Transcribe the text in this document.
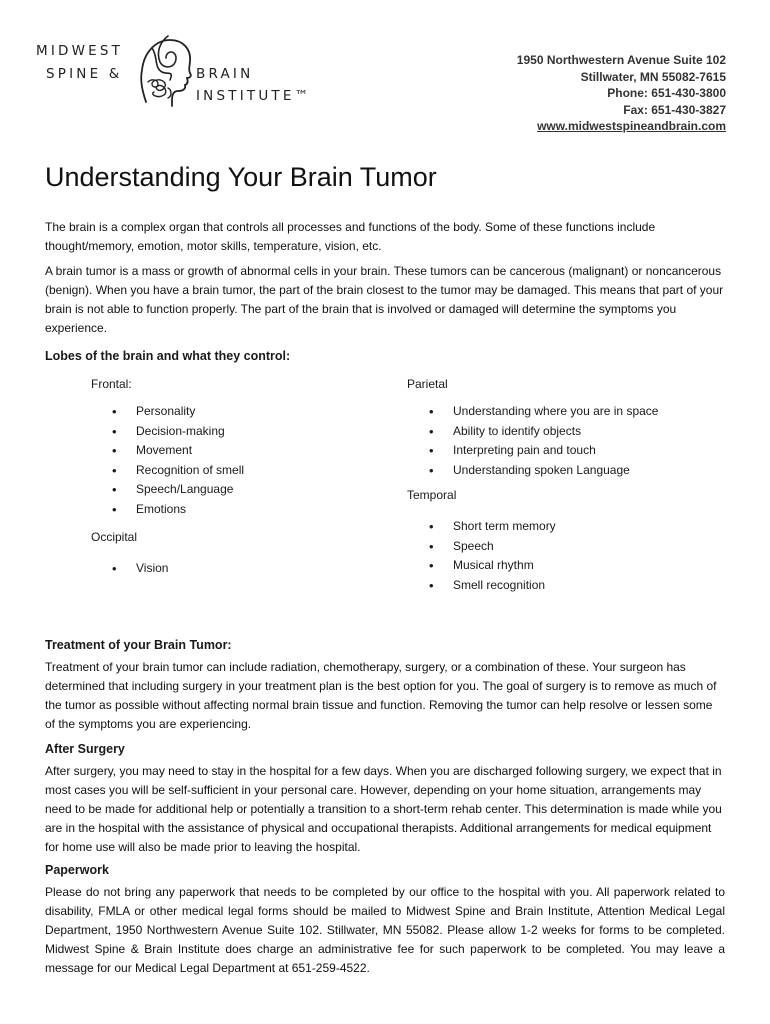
MIDWEST
SPINE &	BRAIN
INSTITUTE™
1950 Northwestern Avenue Suite 102
Stillwater, MN 55082-7615
Phone: 651-430-3800
Fax: 651-430-3827
www.midwestspineandbrain.com
Understanding Your Brain Tumor

The brain is a complex organ that controls all processes and functions of the body. Some of these functions include thought/memory, emotion, motor skills, temperature, vision, etc.

A brain tumor is a mass or growth of abnormal cells in your brain. These tumors can be cancerous (malignant) or noncancerous (benign). When you have a brain tumor, the part of the brain closest to the tumor may be damaged. This means that part of your brain is not able to function properly. The part of the brain that is involved or damaged will determine the symptoms you experience.

Lobes of the brain and what they control:
Frontal:
• Personality
• Decision-making
• Movement
• Recognition of smell
• Speech/Language
• Emotions
Occipital
• Vision
Parietal
• Understanding where you are in space
• Ability to identify objects
• Interpreting pain and touch
• Understanding spoken Language
Temporal
• Short term memory
• Speech
• Musical rhythm
• Smell recognition
Treatment of your Brain Tumor:

Treatment of your brain tumor can include radiation, chemotherapy, surgery, or a combination of these. Your surgeon has determined that including surgery in your treatment plan is the best option for you. The goal of surgery is to remove as much of the tumor as possible without affecting normal brain tissue and function. Removing the tumor can help resolve or lessen some of the symptoms you are experiencing.

After Surgery

After surgery, you may need to stay in the hospital for a few days. When you are discharged following surgery, we expect that in most cases you will be self-sufficient in your personal care. However, depending on your home situation, arrangements may need to be made for additional help or potentially a transition to a short-term rehab center. This determination is made while you are in the hospital with the assistance of physical and occupational therapists. Additional arrangements for medical equipment for home use will also be made prior to leaving the hospital.

Paperwork

Please do not bring any paperwork that needs to be completed by our office to the hospital with you. All paperwork related to disability, FMLA or other medical legal forms should be mailed to Midwest Spine and Brain Institute, Attention Medical Legal Department, 1950 Northwestern Avenue Suite 102. Stillwater, MN 55082. Please allow 1-2 weeks for forms to be completed. Midwest Spine & Brain Institute does charge an administrative fee for such paperwork to be completed. You may leave a message for our Medical Legal Department at 651-259-4522.
